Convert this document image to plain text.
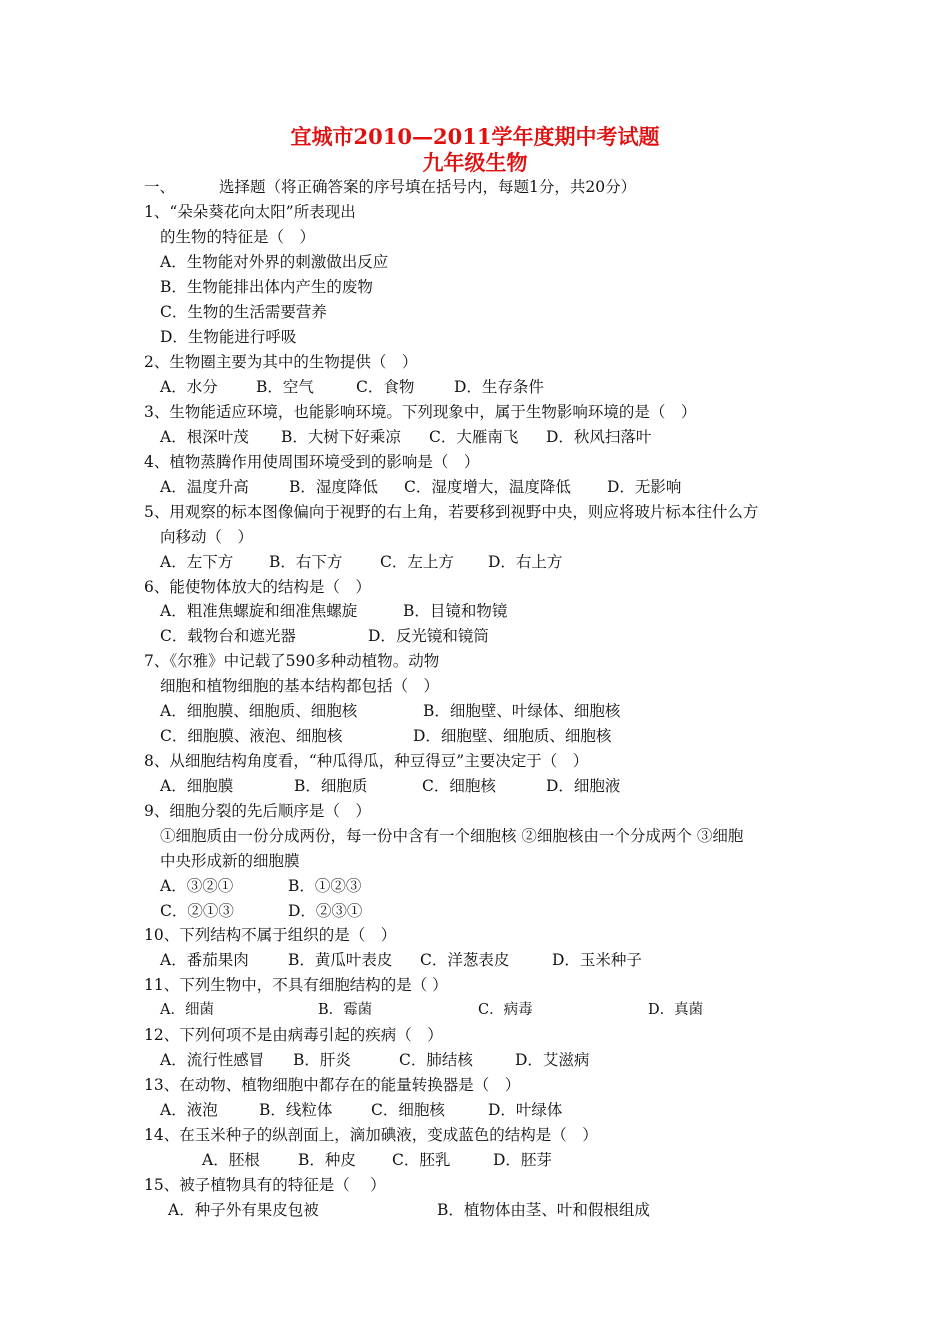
宜城市2010—2011学年度期中考试题
九年级生物
一、	选择题（将正确答案的序号填在括号内，每题1分，共20分）
1、“朵朵葵花向太阳”所表现出
的生物的特征是（　）
A．生物能对外界的刺激做出反应
B．生物能排出体内产生的废物
C．生物的生活需要营养
D．生物能进行呼吸
2、生物圈主要为其中的生物提供（　）
A．水分 B．空气	C．食物	D．生存条件
3、生物能适应环境，也能影响环境。下列现象中，属于生物影响环境的是（　）
A．根深叶茂 B．大树下好乘凉 C．大雁南飞 D．秋风扫落叶
4、植物蒸腾作用使周围环境受到的影响是（　）
A．温度升高	B．湿度降低 C．湿度增大，温度降低 D．无影响
5、用观察的标本图像偏向于视野的右上角，若要移到视野中央，则应将玻片标本往什么方
向移动（　）
A．左下方 B．右下方 C．左上方 D．右上方
6、能使物体放大的结构是（　）
A．粗准焦螺旋和细准焦螺旋	B．目镜和物镜
C．载物台和遮光器	D．反光镜和镜筒
7、《尔雅》中记载了590多种动植物。动物
细胞和植物细胞的基本结构都包括（　）
A．细胞膜、细胞质、细胞核	B．细胞壁、叶绿体、细胞核
C．细胞膜、液泡、细胞核	D．细胞壁、细胞质、细胞核
8、从细胞结构角度看，“种瓜得瓜，种豆得豆”主要决定于（　）
A．细胞膜	B．细胞质	C．细胞核	D．细胞液
9、细胞分裂的先后顺序是（　）
①细胞质由一份分成两份，每一份中含有一个细胞核 ②细胞核由一个分成两个 ③细胞
中央形成新的细胞膜
A．③②①	B．①②③
C．②①③	D．②③①
10、下列结构不属于组织的是（　）
A．番茄果肉	B．黄瓜叶表皮 C．洋葱表皮	D．玉米种子
11、下列生物中，不具有细胞结构的是（ ）
A．细菌	B．霉菌	C．病毒	D．真菌
12、下列何项不是由病毒引起的疾病（　）
A．流行性感冒 B．肝炎	C．肺结核	D．艾滋病
13、在动物、植物细胞中都存在的能量转换器是（　）
A．液泡	B．线粒体 C．细胞核	D．叶绿体
14、在玉米种子的纵剖面上，滴加碘液，变成蓝色的结构是（　）
A．胚根 B．种皮 C．胚乳	D．胚芽
15、被子植物具有的特征是（　 ）
A．种子外有果皮包被	B．植物体由茎、叶和假根组成
